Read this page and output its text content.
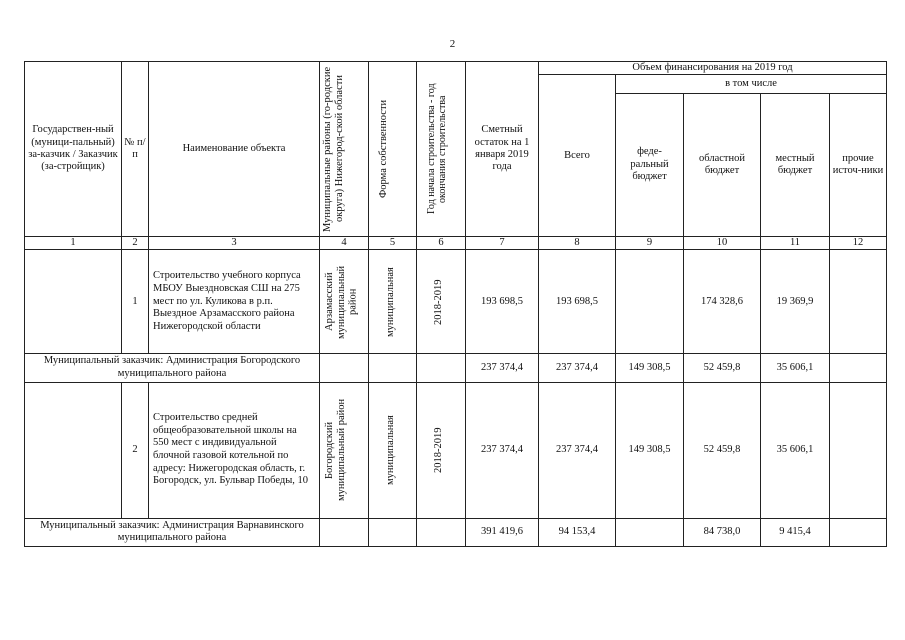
2
Государствен-ный (муници-пальный) за-казчик / Заказчик (за-стройщик)	№ п/п	Наименование объекта	Муниципальные районы (го-родские округа) Нижегород-ской области	Форма собственности	Год начала строительства - год окончания строительства	Сметный остаток на 1 января 2019 года	Объем финансирования на 2019 год				
							Всего	в том числе			
								феде-ральный бюджет	областной бюджет	местный бюджет	прочие источ-ники
1	2	3	4	5	6	7	8	9	10	11	12
	1	Строительство учебного корпуса МБОУ Выездновская СШ на 275 мест по ул. Куликова в р.п. Выездное Арзамасского района Нижегородской области	Арзамасский муниципальный район	муниципальная	2018-2019	193 698,5	193 698,5		174 328,6	19 369,9	
Муниципальный заказчик: Администрация Богородского муниципального района						237 374,4	237 374,4	149 308,5	52 459,8	35 606,1	
	2	Строительство средней общеобразовательной школы на 550 мест с индивидуальной блочной газовой котельной по адресу: Нижегородская область, г. Богородск, ул. Бульвар Победы, 10	Богородский муниципальный район	муниципальная	2018-2019	237 374,4	237 374,4	149 308,5	52 459,8	35 606,1	
Муниципальный заказчик: Администрация Варнавинского муниципального района						391 419,6	94 153,4		84 738,0	9 415,4	
